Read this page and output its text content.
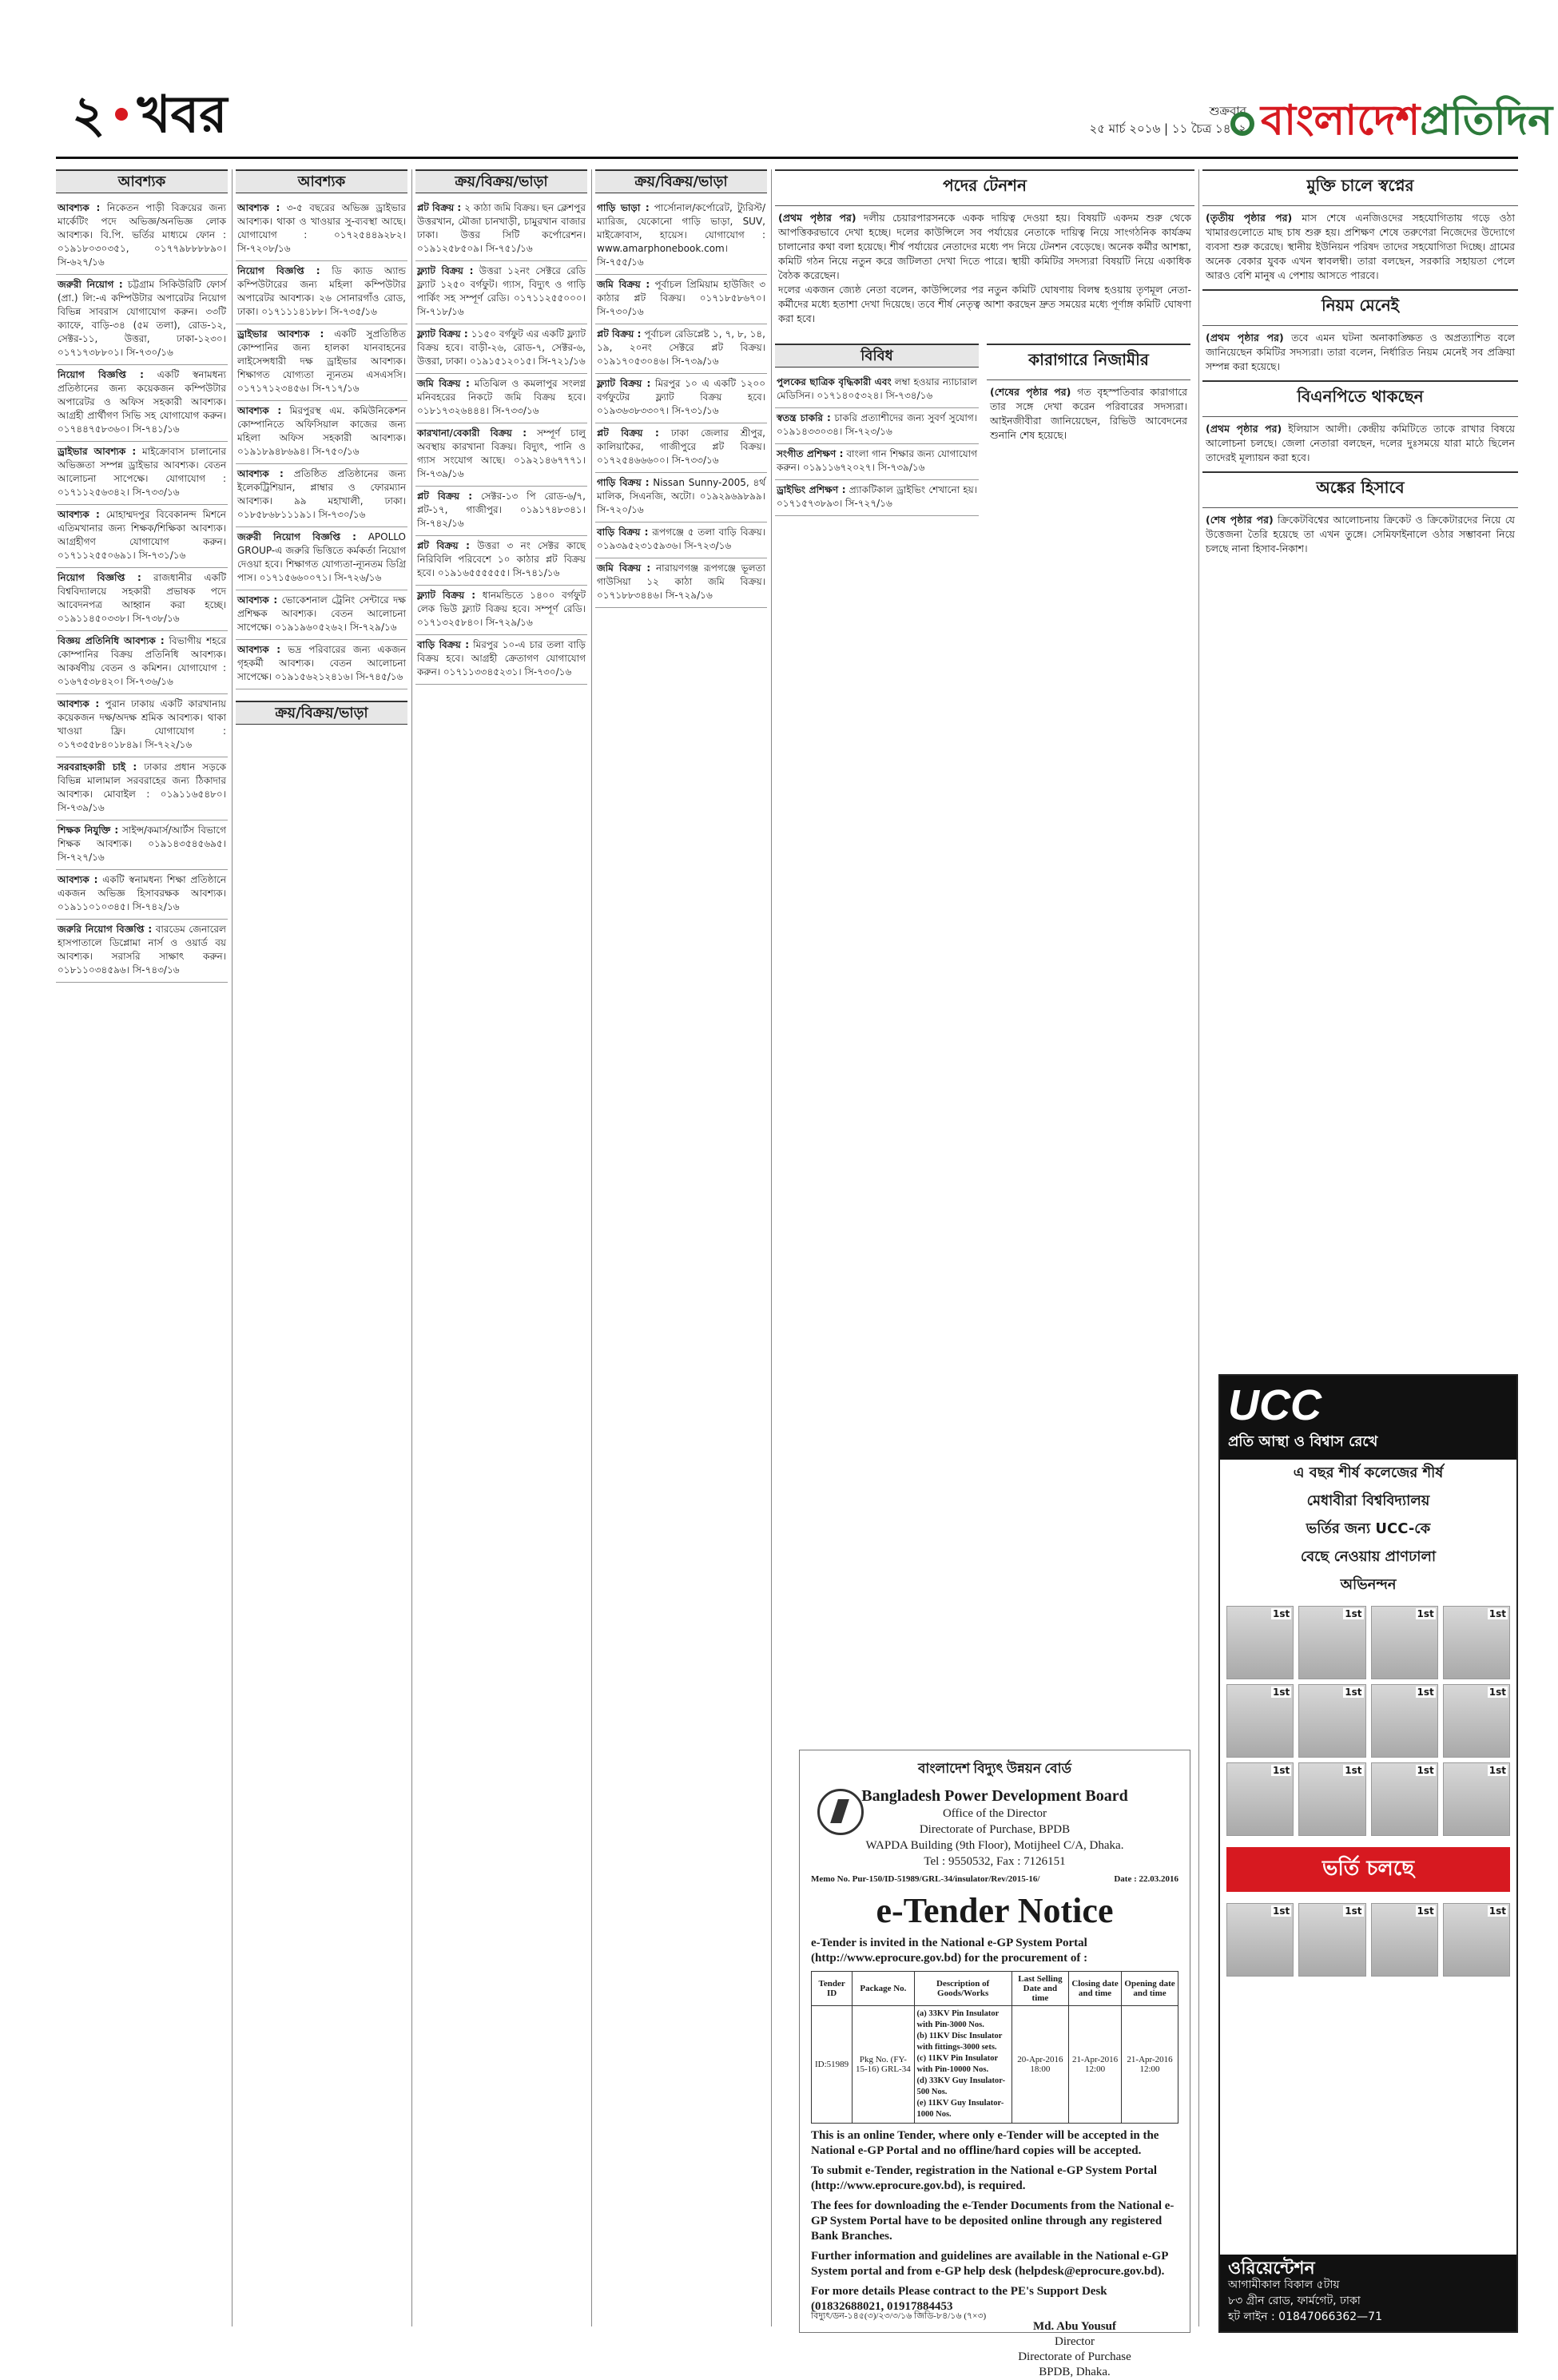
২ খবর	শুক্রবার
২৫ মার্চ ২০১৬ | ১১ চৈত্র ১৪২২ বাংলাদেশপ্রতিদিন
আবশ্যক
আবশ্যক : নিকেতন পাড়ী বিক্রয়ের জন্য মার্কেটিং পদে অভিজ্ঞ/অনভিজ্ঞ লোক আবশ্যক। বি.পি. ভর্তির মাধ্যমে ফোন : ০১৯১৮০৩০৩৫১, ০১৭৭৯৮৮৮৮৯০। সি-৬২৭/১৬
জরুরী নিয়োগ : চট্টগ্রাম সিকিউরিটি ফোর্স (প্রা.) লি:-এ কম্পিউটার অপারেটর নিয়োগ বিভিন্ন সাবরাস যোগাযোগ করুন। ৩৩টি ক্যাফে, বাড়ি-৩৪ (৫ম তলা), রোড-১২, সেক্টর-১১, উত্তরা, ঢাকা-১২৩০। ০১৭১৭৩৮৮০১। সি-৭৩০/১৬
নিয়োগ বিজ্ঞপ্তি : একটি স্বনামধন্য প্রতিষ্ঠানের জন্য কয়েকজন কম্পিউটার অপারেটর ও অফিস সহকারী আবশ্যক। আগ্রহী প্রার্থীগণ সিভি সহ যোগাযোগ করুন। ০১৭৪৪৭৫৮৩৬০। সি-৭৪১/১৬
ড্রাইভার আবশ্যক : মাইক্রোবাস চালানোর অভিজ্ঞতা সম্পন্ন ড্রাইভার আবশ্যক। বেতন আলোচনা সাপেক্ষে। যোগাযোগ : ০১৭১১২৫৬৩৪২। সি-৭৩৩/১৬
আবশ্যক : মোহাম্মদপুর বিবেকানন্দ মিশনে এতিমখানার জন্য শিক্ষক/শিক্ষিকা আবশ্যক। আগ্রহীগণ যোগাযোগ করুন। ০১৭১১২৫৫০৬৯১। সি-৭৩১/১৬
নিয়োগ বিজ্ঞপ্তি : রাজধানীর একটি বিশ্ববিদ্যালয়ে সহকারী প্রভাষক পদে আবেদনপত্র আহ্বান করা হচ্ছে। ০১৯১১৪৫০৩৩৮। সি-৭৩৮/১৬
বিজ্ঞয় প্রতিনিধি আবশ্যক : বিভাগীয় শহরে কোম্পানির বিক্রয় প্রতিনিধি আবশ্যক। আকর্ষণীয় বেতন ও কমিশন। যোগাযোগ : ০১৬৭৫৩৮৪২০। সি-৭৩৬/১৬
আবশ্যক : পুরান ঢাকায় একটি কারখানায় কয়েকজন দক্ষ/অদক্ষ শ্রমিক আবশ্যক। থাকা খাওয়া ফ্রি। যোগাযোগ : ০১৭৩৫৫৮৪০১৮৪৯। সি-৭২২/১৬
সরবরাহকারী চাই : ঢাকার প্রধান সড়কে বিভিন্ন মালামাল সরবরাহের জন্য ঠিকাদার আবশ্যক। মোবাইল : ০১৯১১৬৫৪৮০। সি-৭৩৯/১৬
শিক্ষক নিযুক্তি : সাইন্স/কমার্স/আর্টস বিভাগে শিক্ষক আবশ্যক। ০১৯১৪৩৫৪৫৬৯৫। সি-৭২৭/১৬
আবশ্যক : একটি স্বনামধন্য শিক্ষা প্রতিষ্ঠানে একজন অভিজ্ঞ হিসাবরক্ষক আবশ্যক। ০১৯১১০১০৩৪৫। সি-৭৪২/১৬
জরুরি নিয়োগ বিজ্ঞপ্তি : বারডেম জেনারেল হাসপাতালে ডিপ্লোমা নার্স ও ওয়ার্ড বয় আবশ্যক। সরাসরি সাক্ষাৎ করুন। ০১৮১১০৩৪৫৯৬। সি-৭৪৩/১৬
আবশ্যক
আবশ্যক : ৩-৫ বছরের অভিজ্ঞ ড্রাইভার আবশ্যক। থাকা ও খাওয়ার সু-ব্যবস্থা আছে। যোগাযোগ : ০১৭২৫৪৪৯২৮২। সি-৭২০৮/১৬
নিয়োগ বিজ্ঞপ্তি : ডি ক্যাড অ্যান্ড কম্পিউটারের জন্য মহিলা কম্পিউটার অপারেটর আবশ্যক। ২৬ সোনারগাঁও রোড, ঢাকা। ০১৭১১১৪১৮৮। সি-৭৩৫/১৬
ড্রাইভার আবশ্যক : একটি সুপ্রতিষ্ঠিত কোম্পানির জন্য হালকা যানবাহনের লাইসেন্সধারী দক্ষ ড্রাইভার আবশ্যক। শিক্ষাগত যোগ্যতা ন্যূনতম এসএসসি। ০১৭১৭১২৩৪৫৬। সি-৭১৭/১৬
আবশ্যক : মিরপুরস্থ এম. কমিউনিকেশন কোম্পানিতে অফিসিয়াল কাজের জন্য মহিলা অফিস সহকারী আবশ্যক। ০১৯১৮৯৪৮৬৯৪। সি-৭৫০/১৬
আবশ্যক : প্রতিষ্ঠিত প্রতিষ্ঠানের জন্য ইলেকট্রিশিয়ান, প্লাম্বার ও ফোরম্যান আবশ্যক। ৯৯ মহাখালী, ঢাকা। ০১৮৫৮৬৮১১১৯১। সি-৭৩০/১৬
জরুরী নিয়োগ বিজ্ঞপ্তি : APOLLO GROUP-এ জরুরি ভিত্তিতে কর্মকর্তা নিয়োগ দেওয়া হবে। শিক্ষাগত যোগ্যতা-ন্যূনতম ডিগ্রি পাস। ০১৭১৫৬৬০০৭১। সি-৭২৬/১৬
আবশ্যক : ভোকেশনাল ট্রেনিং সেন্টারে দক্ষ প্রশিক্ষক আবশ্যক। বেতন আলোচনা সাপেক্ষে। ০১৯১৯৬০৫২৬২। সি-৭২৯/১৬
আবশ্যক : ভদ্র পরিবারের জন্য একজন গৃহকর্মী আবশ্যক। বেতন আলোচনা সাপেক্ষে। ০১৯১৫৬২১২৪১৬। সি-৭৪৫/১৬
ক্রয়/বিক্রয়/ভাড়া
ক্রয়/বিক্রয়/ভাড়া
প্লট বিক্রয় : ২ কাঠা জমি বিক্রয়। ছন ক্লেশপুর উত্তরখান, মৌজা চানখাড়ী, চামুরখান বাজার ঢাকা। উত্তর সিটি কর্পোরেশন। ০১৯১২৫৮৫০৯। সি-৭৫১/১৬
ফ্ল্যাট বিক্রয় : উত্তরা ১২নং সেক্টরে রেডি ফ্ল্যাট ১২৫০ বর্গফুট। গ্যাস, বিদ্যুৎ ও গাড়ি পার্কিং সহ সম্পূর্ণ রেডি। ০১৭১১২৫৫০০০। সি-৭১৮/১৬
ফ্ল্যাট বিক্রয় : ১১৫০ বর্গফুট এর একটি ফ্ল্যাট বিক্রয় হবে। বাড়ী-২৬, রোড-৭, সেক্টর-৬, উত্তরা, ঢাকা। ০১৯১৫১২০১৫। সি-৭২১/১৬
জমি বিক্রয় : মতিঝিল ও কমলাপুর সংলগ্ন মনিবহরের নিকটে জমি বিক্রয় হবে। ০১৮১৭৩২৬৪৪৪। সি-৭৩৩/১৬
কারখানা/বেকারী বিক্রয় : সম্পূর্ণ চালু অবস্থায় কারখানা বিক্রয়। বিদ্যুৎ, পানি ও গ্যাস সংযোগ আছে। ০১৯২১৪৬৭৭৭১। সি-৭৩৯/১৬
প্লট বিক্রয় : সেক্টর-১৩ পি রোড-৬/৭, প্লট-১৭, গাজীপুর। ০১৯১৭৪৮৩৪১। সি-৭৪২/১৬
প্লট বিক্রয় : উত্তরা ৩ নং সেক্টর কাছে নিরিবিলি পরিবেশে ১০ কাঠার প্লট বিক্রয় হবে। ০১৯১৬৫৫৫৫৫৫। সি-৭৪১/১৬
ফ্ল্যাট বিক্রয় : ধানমন্ডিতে ১৪০০ বর্গফুট লেক ভিউ ফ্ল্যাট বিক্রয় হবে। সম্পূর্ণ রেডি। ০১৭১৩২৫৮৪০। সি-৭২৯/১৬
বাড়ি বিক্রয় : মিরপুর ১০-এ চার তলা বাড়ি বিক্রয় হবে। আগ্রহী ক্রেতাগণ যোগাযোগ করুন। ০১৭১১৩৩৪৫২৩১। সি-৭৩০/১৬
ক্রয়/বিক্রয়/ভাড়া
গাড়ি ভাড়া : পার্সোনাল/কর্পোরেট, ট্যুরিস্ট/ ম্যারিজ, যেকোনো গাড়ি ভাড়া, SUV, মাইক্রোবাস, হায়েস। যোগাযোগ : www.amarphonebook.com। সি-৭৫৫/১৬
জমি বিক্রয় : পূর্বাচল প্রিমিয়াম হাউজিং ৩ কাঠার প্লট বিক্রয়। ০১৭১৮৫৮৬৭০। সি-৭৩০/১৬
প্লট বিক্রয় : পূর্বাচল রেডিপ্লেষ্ট ১, ৭, ৮, ১৪, ১৯, ২০নং সেক্টরে প্লট বিক্রয়। ০১৯১৭০৫৩০৪৬। সি-৭৩৯/১৬
ফ্ল্যাট বিক্রয় : মিরপুর ১০ এ একটি ১২০০ বর্গফুটের ফ্ল্যাট বিক্রয় হবে। ০১৯৩৬৩৮৩৩০৭। সি-৭৩১/১৬
প্লট বিক্রয় : ঢাকা জেলার শ্রীপুর, কালিয়াকৈর, গাজীপুরে প্লট বিক্রয়। ০১৭২৫৪৬৬৬০০। সি-৭৩৩/১৬
গাড়ি বিক্রয় : Nissan Sunny-2005, ৪র্থ মালিক, সিএনজি, অটো। ০১৯২৯৬৯৮৯৯। সি-৭২০/১৬
বাড়ি বিক্রয় : রূপগঞ্জে ৫ তলা বাড়ি বিক্রয়। ০১৯৩৯৫২৩১৫৯৩৬। সি-৭২৩/১৬
জমি বিক্রয় : নারায়ণগঞ্জ রূপগঞ্জে ভূলতা গাউসিয়া ১২ কাঠা জমি বিক্রয়। ০১৭১৮৮৩৪৪৬। সি-৭২৯/১৬
পদের টেনশন

(প্রথম পৃষ্ঠার পর) দলীয় চেয়ারপারসনকে একক দায়িত্ব দেওয়া হয়। বিষয়টি একদম শুরু থেকে আপত্তিকরভাবে দেখা হচ্ছে। দলের কাউন্সিলে সব পর্যায়ের নেতাকে দায়িত্ব নিয়ে সাংগঠনিক কার্যক্রম চালানোর কথা বলা হয়েছে। শীর্ষ পর্যায়ের নেতাদের মধ্যে পদ নিয়ে টেনশন বেড়েছে। অনেক কর্মীর আশঙ্কা, কমিটি গঠন নিয়ে নতুন করে জটিলতা দেখা দিতে পারে। স্থায়ী কমিটির সদস্যরা বিষয়টি নিয়ে একাধিক বৈঠক করেছেন।

দলের একজন জ্যেষ্ঠ নেতা বলেন, কাউন্সিলের পর নতুন কমিটি ঘোষণায় বিলম্ব হওয়ায় তৃণমূল নেতা-কর্মীদের মধ্যে হতাশা দেখা দিয়েছে। তবে শীর্ষ নেতৃত্ব আশা করছেন দ্রুত সময়ের মধ্যে পূর্ণাঙ্গ কমিটি ঘোষণা করা হবে।

বিবিধ
পুলকের ছাত্রিক বৃদ্ধিকারী এবং লম্বা হওয়ার ন্যাচারাল মেডিসিন। ০১৭১৪০৫৩২৪। সি-৭৩৪/১৬
স্বতন্ত্র চাকরি : চাকরি প্রত্যাশীদের জন্য সুবর্ণ সুযোগ। ০১৯১৪৩৩০৩৪। সি-৭২৩/১৬
সংগীত প্রশিক্ষণ : বাংলা গান শিক্ষার জন্য যোগাযোগ করুন। ০১৯১১৬৭২০২৭। সি-৭৩৯/১৬
ড্রাইভিং প্রশিক্ষণ : প্র্যাকটিকাল ড্রাইভিং শেখানো হয়। ০১৭১৫৭৩৮৯৩। সি-৭২৭/১৬
কারাগারে নিজামীর
(শেষের পৃষ্ঠার পর) গত বৃহস্পতিবার কারাগারে তার সঙ্গে দেখা করেন পরিবারের সদস্যরা। আইনজীবীরা জানিয়েছেন, রিভিউ আবেদনের শুনানি শেষ হয়েছে।
মুক্তি চালে স্বপ্নের
(তৃতীয় পৃষ্ঠার পর) মাস শেষে এনজিওদের সহযোগিতায় গড়ে ওঠা খামারগুলোতে মাছ চাষ শুরু হয়। প্রশিক্ষণ শেষে তরুণেরা নিজেদের উদ্যোগে ব্যবসা শুরু করেছে। স্থানীয় ইউনিয়ন পরিষদ তাদের সহযোগিতা দিচ্ছে। গ্রামের অনেক বেকার যুবক এখন স্বাবলম্বী। তারা বলছেন, সরকারি সহায়তা পেলে আরও বেশি মানুষ এ পেশায় আসতে পারবে।
নিয়ম মেনেই
(প্রথম পৃষ্ঠার পর) তবে এমন ঘটনা অনাকাঙ্ক্ষিত ও অপ্রত্যাশিত বলে জানিয়েছেন কমিটির সদস্যরা। তারা বলেন, নির্ধারিত নিয়ম মেনেই সব প্রক্রিয়া সম্পন্ন করা হয়েছে।
বিএনপিতে থাকছেন
(প্রথম পৃষ্ঠার পর) ইলিয়াস আলী। কেন্দ্রীয় কমিটিতে তাকে রাখার বিষয়ে আলোচনা চলছে। জেলা নেতারা বলছেন, দলের দুঃসময়ে যারা মাঠে ছিলেন তাদেরই মূল্যায়ন করা হবে।
অঙ্কের হিসাবে
(শেষ পৃষ্ঠার পর) ক্রিকেটবিশ্বের আলোচনায় ক্রিকেট ও ক্রিকেটারদের নিয়ে যে উত্তেজনা তৈরি হয়েছে তা এখন তুঙ্গে। সেমিফাইনালে ওঠার সম্ভাবনা নিয়ে চলছে নানা হিসাব-নিকাশ।
বাংলাদেশ বিদ্যুৎ উন্নয়ন বোর্ড
Bangladesh Power Development Board
Office of the Director
Directorate of Purchase, BPDB
WAPDA Building (9th Floor), Motijheel C/A, Dhaka.
Tel : 9550532, Fax : 7126151
Memo No. Pur-150/ID-51989/GRL-34/insulator/Rev/2015-16/	Date : 22.03.2016
e-Tender Notice
e-Tender is invited in the National e-GP System Portal (http://www.eprocure.gov.bd) for the procurement of :
Tender ID	Package No.	Description of Goods/Works	Last Selling Date and time	Closing date and time	Opening date and time
ID:51989	Pkg No. (FY-15-16) GRL-34	(a) 33KV Pin Insulator with Pin-3000 Nos.
(b) 11KV Disc Insulator with fittings-3000 sets.
(c) 11KV Pin Insulator with Pin-10000 Nos.
(d) 33KV Guy Insulator-500 Nos.
(e) 11KV Guy Insulator-1000 Nos.	20-Apr-2016 18:00	21-Apr-2016 12:00	21-Apr-2016 12:00
This is an online Tender, where only e-Tender will be accepted in the National e-GP Portal and no offline/hard copies will be accepted.
To submit e-Tender, registration in the National e-GP System Portal (http://www.eprocure.gov.bd), is required.
The fees for downloading the e-Tender Documents from the National e-GP System Portal have to be deposited online through any registered Bank Branches.
Further information and guidelines are available in the National e-GP System portal and from e-GP help desk (helpdesk@eprocure.gov.bd).
For more details Please contract to the PE's Support Desk (01832688021, 01917884453
Md. Abu Yousuf
Director
Directorate of Purchase
BPDB, Dhaka.
বিদ্যুৎ/ডন-১৪৫(৩)/২৩/৩/১৬ জিডি-৮৪/১৬ (৭×৩)
UCC
প্রতি আস্থা ও বিশ্বাস রেখে
এ বছর শীর্ষ কলেজের শীর্ষ
মেধাবীরা বিশ্ববিদ্যালয়
ভর্তির জন্য UCC-কে
বেছে নেওয়ায় প্রাণঢালা
অভিনন্দন
1st	1st	1st	1st
1st	1st	1st	1st
1st	1st	1st	1st
ভর্তি চলছে
1st	1st	1st	1st
ওরিয়েন্টেশন
আগামীকাল বিকাল ৫টায়
৮৩ গ্রীন রোড, ফার্মগেট, ঢাকা
হট লাইন : 01847066362—71
